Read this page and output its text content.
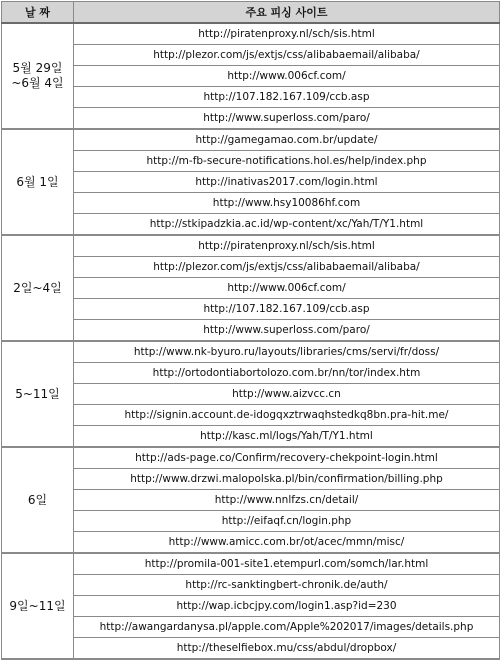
날 짜	주요 피싱 사이트
5월 29일
~6월 4일	http://piratenproxy.nl/sch/sis.html
	http://plezor.com/js/extjs/css/alibabaemail/alibaba/
	http://www.006cf.com/
	http://107.182.167.109/ccb.asp
	http://www.superloss.com/paro/
6월 1일	http://gamegamao.com.br/update/
	http://m-fb-secure-notifications.hol.es/help/index.php
	http://inativas2017.com/login.html
	http://www.hsy10086hf.com
	http://stkipadzkia.ac.id/wp-content/xc/Yah/T/Y1.html
2일~4일	http://piratenproxy.nl/sch/sis.html
	http://plezor.com/js/extjs/css/alibabaemail/alibaba/
	http://www.006cf.com/
	http://107.182.167.109/ccb.asp
	http://www.superloss.com/paro/
5~11일	http://www.nk-byuro.ru/layouts/libraries/cms/servi/fr/doss/
	http://ortodontiabortolozo.com.br/nn/tor/index.htm
	http://www.aizvcc.cn
	http://signin.account.de-idogqxztrwaqhstedkq8bn.pra-hit.me/
	http://kasc.ml/logs/Yah/T/Y1.html
6일	http://ads-page.co/Confirm/recovery-chekpoint-login.html
	http://www.drzwi.malopolska.pl/bin/confirmation/billing.php
	http://www.nnlfzs.cn/detail/
	http://eifaqf.cn/login.php
	http://www.amicc.com.br/ot/acec/mmn/misc/
9일~11일	http://promila-001-site1.etempurl.com/somch/lar.html
	http://rc-sanktingbert-chronik.de/auth/
	http://wap.icbcjpy.com/login1.asp?id=230
	http://awangardanysa.pl/apple.com/Apple%202017/images/details.php
	http://theselfiebox.mu/css/abdul/dropbox/
